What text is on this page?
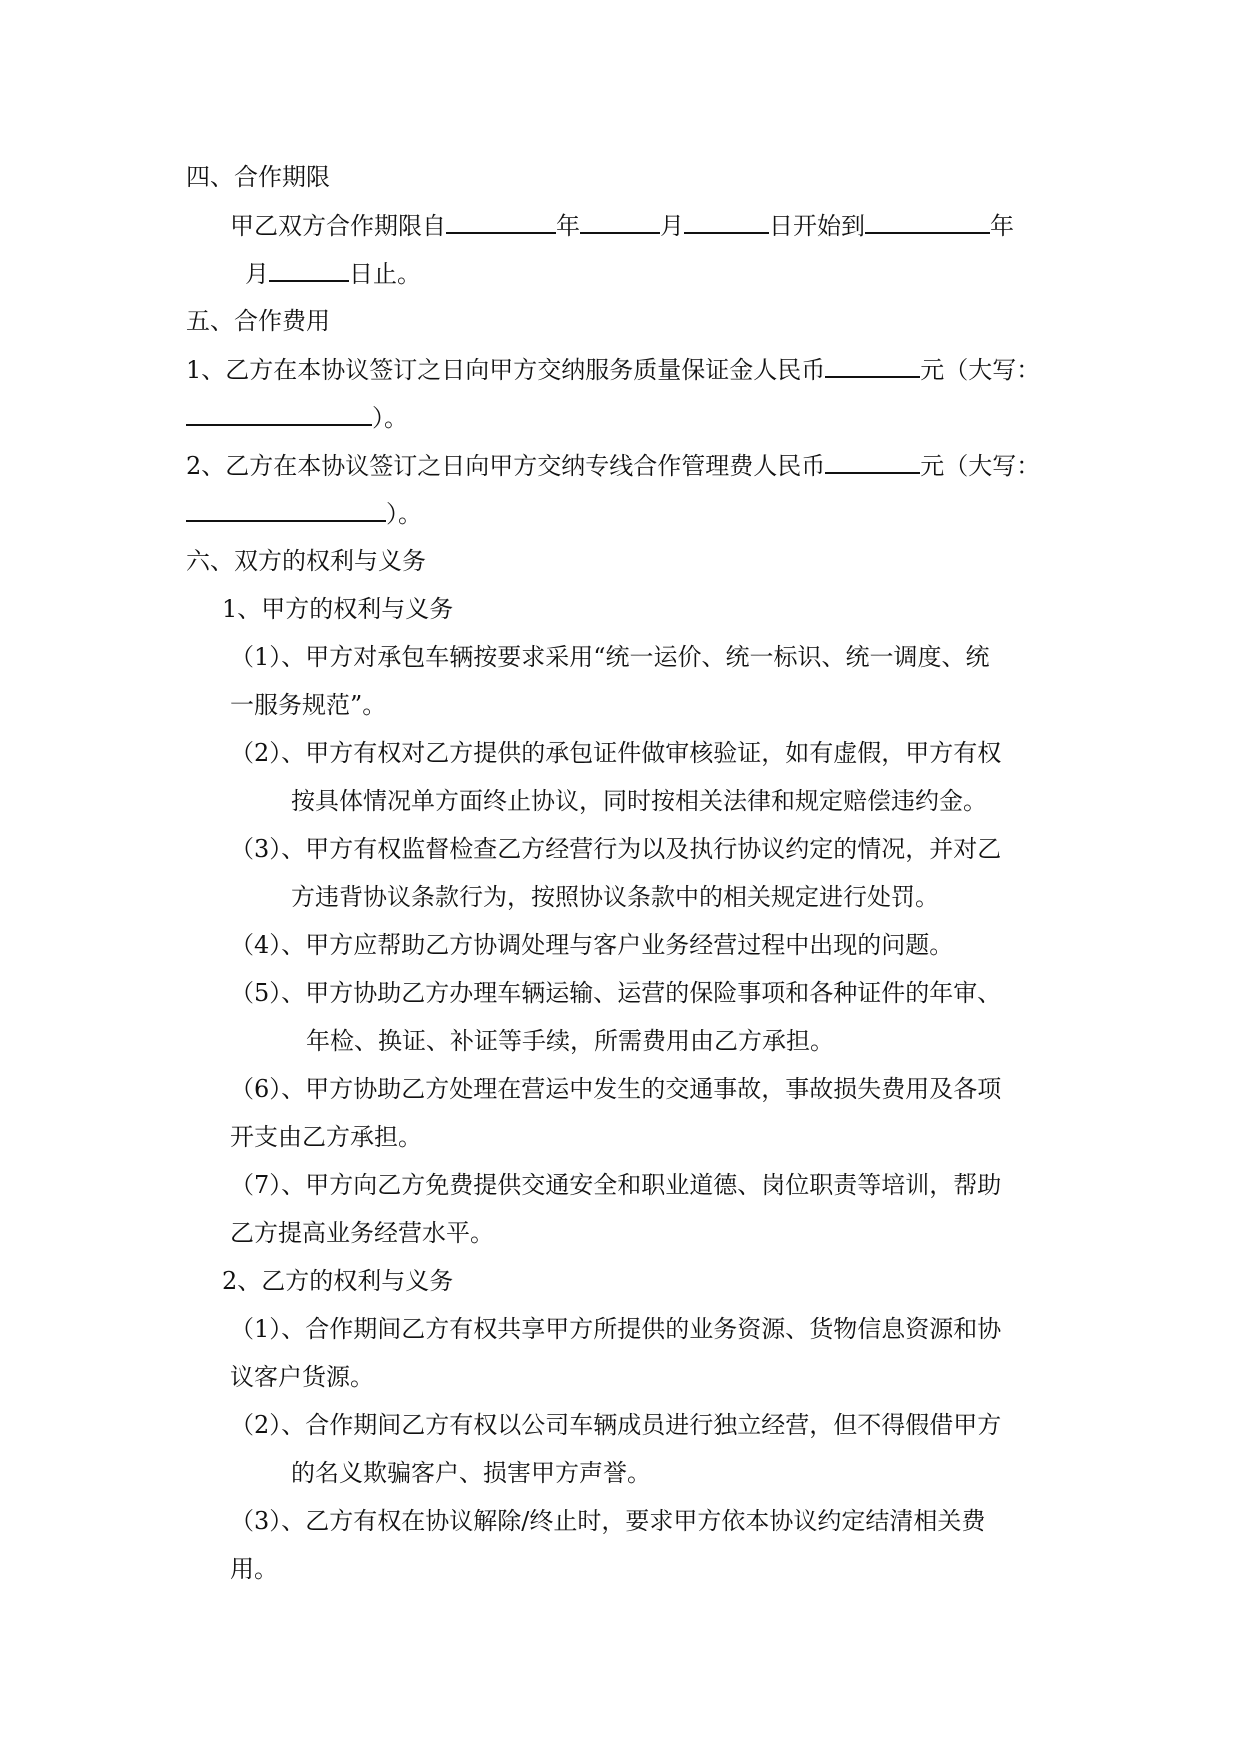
四、合作期限
甲乙双方合作期限自	年	月	日开始到	年
月	日止。
五、合作费用
1、乙方在本协议签订之日向甲方交纳服务质量保证金人民币	元（大写：
）。
2、乙方在本协议签订之日向甲方交纳专线合作管理费人民币	元（大写：
）。
六、双方的权利与义务
1、甲方的权利与义务
（1）、甲方对承包车辆按要求采用“统一运价、统一标识、统一调度、统
一服务规范”。
（2）、甲方有权对乙方提供的承包证件做审核验证，如有虚假，甲方有权
按具体情况单方面终止协议，同时按相关法律和规定赔偿违约金。
（3）、甲方有权监督检查乙方经营行为以及执行协议约定的情况，并对乙
方违背协议条款行为，按照协议条款中的相关规定进行处罚。
（4）、甲方应帮助乙方协调处理与客户业务经营过程中出现的问题。
（5）、甲方协助乙方办理车辆运输、运营的保险事项和各种证件的年审、
年检、换证、补证等手续，所需费用由乙方承担。
（6）、甲方协助乙方处理在营运中发生的交通事故，事故损失费用及各项
开支由乙方承担。
（7）、甲方向乙方免费提供交通安全和职业道德、岗位职责等培训，帮助
乙方提高业务经营水平。
2、乙方的权利与义务
（1）、合作期间乙方有权共享甲方所提供的业务资源、货物信息资源和协
议客户货源。
（2）、合作期间乙方有权以公司车辆成员进行独立经营，但不得假借甲方
的名义欺骗客户、损害甲方声誉。
（3）、乙方有权在协议解除/终止时，要求甲方依本协议约定结清相关费
用。
